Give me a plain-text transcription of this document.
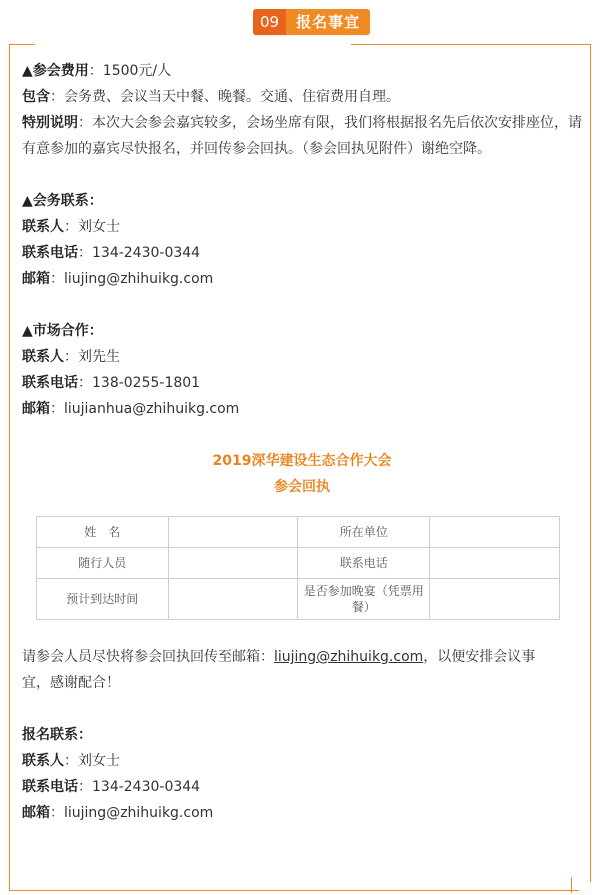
09	报名事宜

▲参会费用：1500元/人

包含：会务费、会议当天中餐、晚餐。交通、住宿费用自理。

特别说明：本次大会参会嘉宾较多，会场坐席有限，我们将根据报名先后依次安排座位，请

有意参加的嘉宾尽快报名，并回传参会回执。（参会回执见附件）谢绝空降。

▲会务联系：

联系人：刘女士

联系电话：134-2430-0344

邮箱：liujing@zhihuikg.com

▲市场合作：

联系人：刘先生

联系电话：138-0255-1801

邮箱：liujianhua@zhihuikg.com

2019深华建设生态合作大会
参会回执
姓　名		所在单位	
随行人员		联系电话	
预计到达时间		是否参加晚宴（凭票用餐）	

请参会人员尽快将参会回执回传至邮箱：liujing@zhihuikg.com，以便安排会议事

宜，感谢配合！

报名联系：

联系人：刘女士

联系电话：134-2430-0344

邮箱：liujing@zhihuikg.com
